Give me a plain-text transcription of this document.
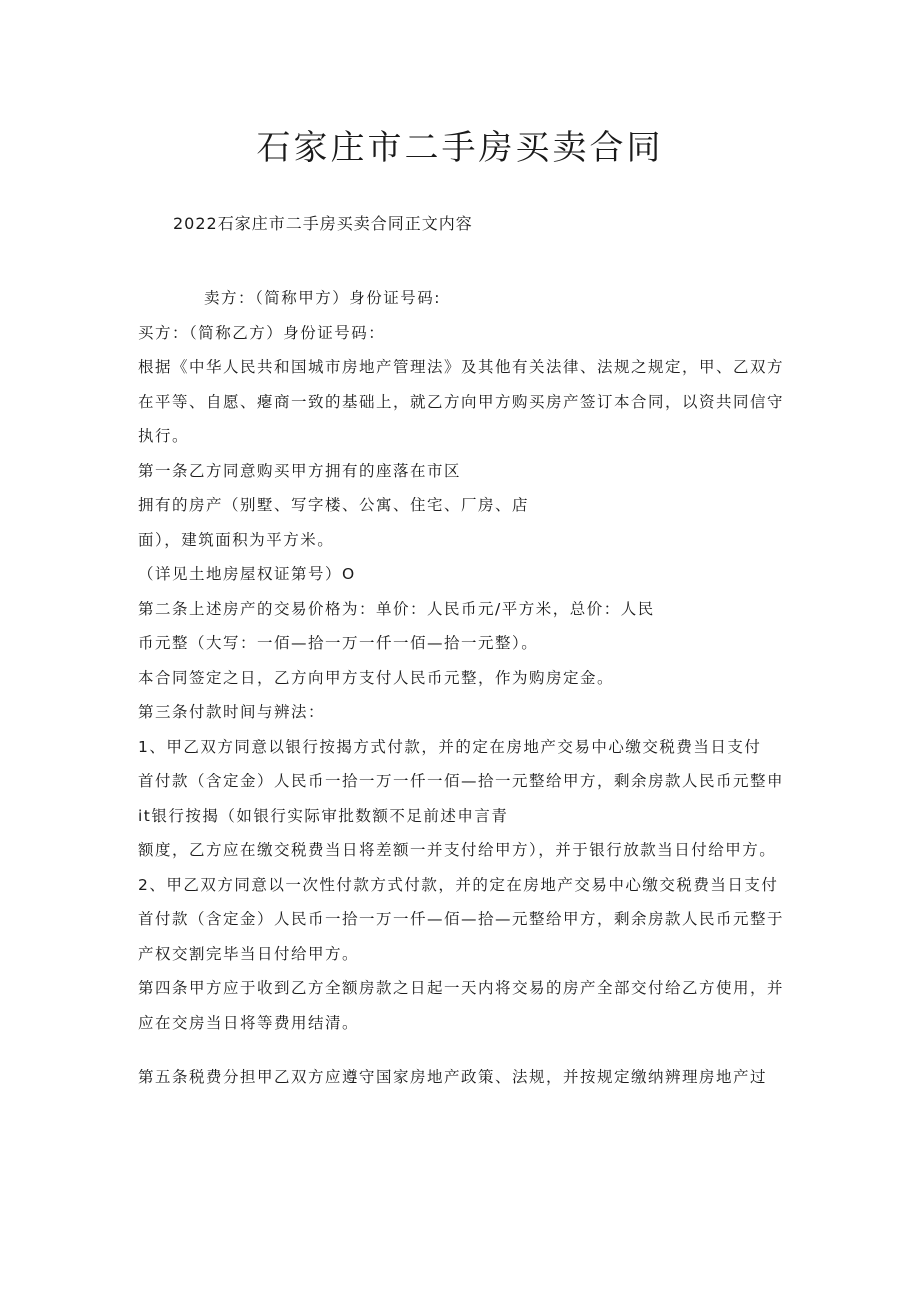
石家庄市二手房买卖合同

2022石家庄市二手房买卖合同正文内容

卖方：（简称甲方）身份证号码:

买方：（简称乙方）身份证号码：

根据《中华人民共和国城市房地产管理法》及其他有关法律、法规之规定，甲、乙双方

在平等、自愿、瘪商一致的基础上，就乙方向甲方购买房产签订本合同，以资共同信守

执行。

第一条乙方同意购买甲方拥有的座落在市区

拥有的房产（别墅、写字楼、公寓、住宅、厂房、店

面），建筑面积为平方米。

（详见土地房屋权证第号）O

第二条上述房产的交易价格为：单价：人民币元/平方米，总价：人民

币元整（大写：一佰—拾一万一仟一佰—拾一元整）。

本合同签定之日，乙方向甲方支付人民币元整，作为购房定金。

第三条付款时间与辨法：

1、甲乙双方同意以银行按揭方式付款，并的定在房地产交易中心缴交税费当日支付

首付款（含定金）人民币一拾一万一仟一佰—拾一元整给甲方，剩余房款人民币元整申

it银行按揭（如银行实际审批数额不足前述申言青

额度，乙方应在缴交税费当日将差额一并支付给甲方），并于银行放款当日付给甲方。

2、甲乙双方同意以一次性付款方式付款，并的定在房地产交易中心缴交税费当日支付

首付款（含定金）人民币一拾一万一仟—佰—拾—元整给甲方，剩余房款人民币元整于

产权交割完毕当日付给甲方。

第四条甲方应于收到乙方全额房款之日起一天内将交易的房产全部交付给乙方使用，并

应在交房当日将等费用结清。

第五条税费分担甲乙双方应遵守国家房地产政策、法规，并按规定缴纳辨理房地产过
